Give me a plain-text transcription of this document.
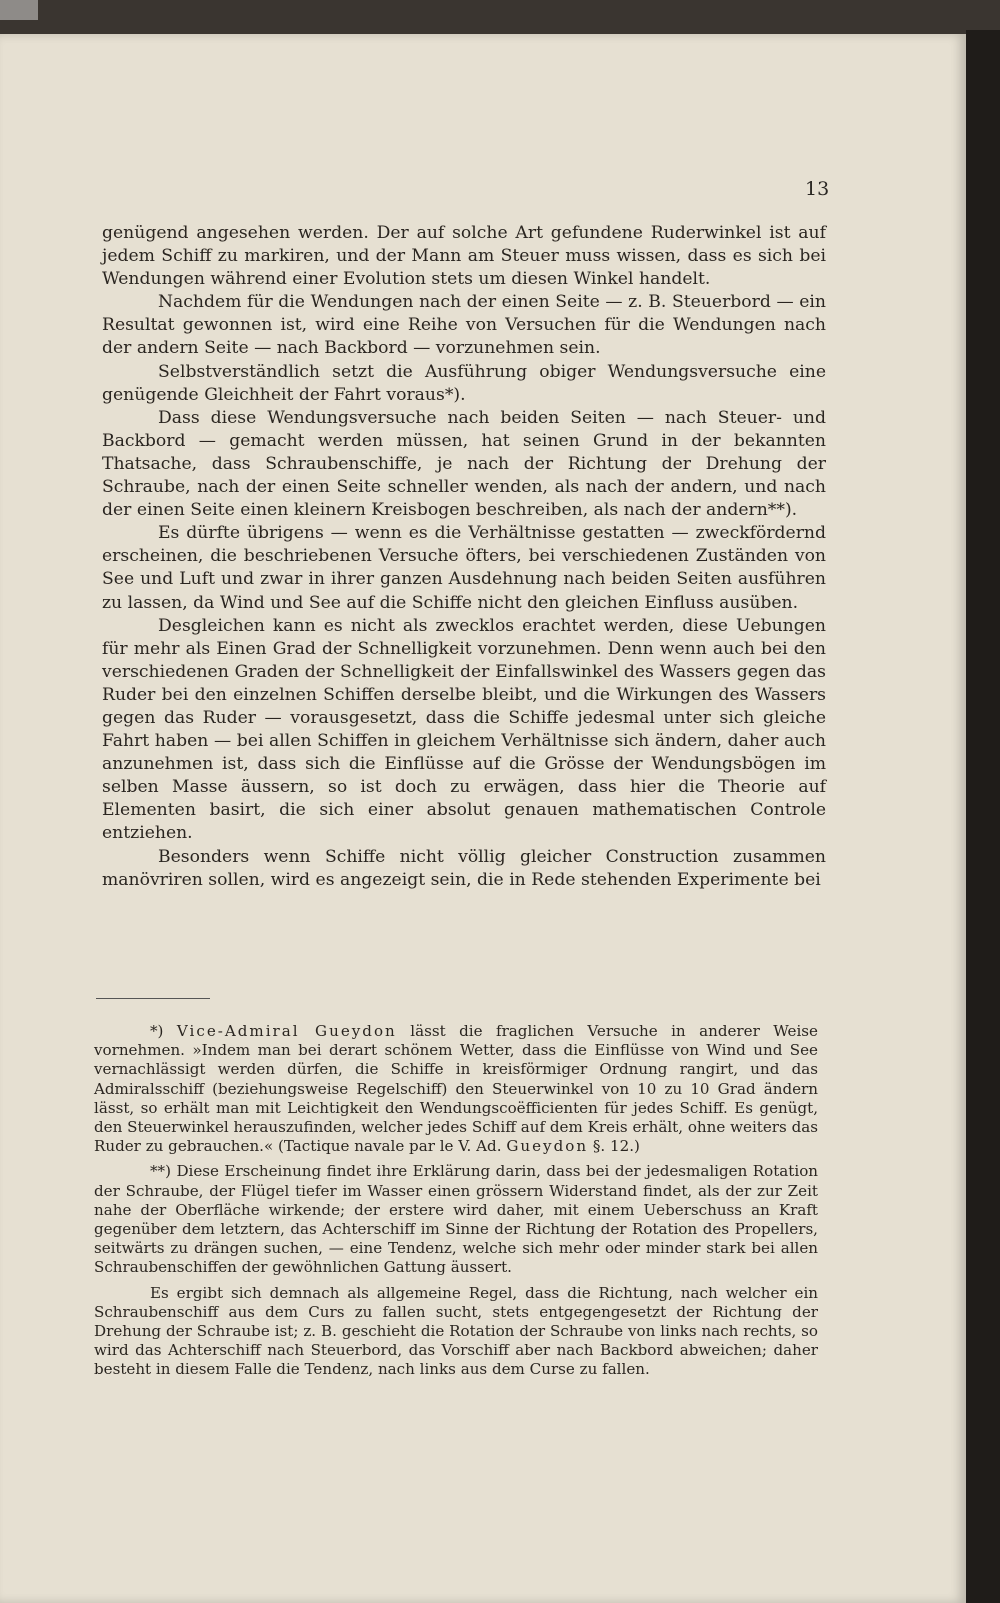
13

genügend angesehen werden. Der auf solche Art gefundene Ruderwinkel ist auf jedem Schiff zu markiren, und der Mann am Steuer muss wissen, dass es sich bei Wendungen während einer Evolution stets um diesen Winkel handelt.

Nachdem für die Wendungen nach der einen Seite — z. B. Steuerbord — ein Resultat gewonnen ist, wird eine Reihe von Versuchen für die Wendungen nach der andern Seite — nach Backbord — vorzunehmen sein.

Selbstverständlich setzt die Ausführung obiger Wendungsversuche eine genügende Gleichheit der Fahrt voraus*).

Dass diese Wendungsversuche nach beiden Seiten — nach Steuer- und Backbord — gemacht werden müssen, hat seinen Grund in der bekannten Thatsache, dass Schraubenschiffe, je nach der Richtung der Drehung der Schraube, nach der einen Seite schneller wenden, als nach der andern, und nach der einen Seite einen kleinern Kreisbogen beschreiben, als nach der andern**).

Es dürfte übrigens — wenn es die Verhältnisse gestatten — zweckfördernd erscheinen, die beschriebenen Versuche öfters, bei verschiedenen Zuständen von See und Luft und zwar in ihrer ganzen Ausdehnung nach beiden Seiten ausführen zu lassen, da Wind und See auf die Schiffe nicht den gleichen Einfluss ausüben.

Desgleichen kann es nicht als zwecklos erachtet werden, diese Uebungen für mehr als Einen Grad der Schnelligkeit vorzunehmen. Denn wenn auch bei den verschiedenen Graden der Schnelligkeit der Einfallswinkel des Wassers gegen das Ruder bei den einzelnen Schiffen derselbe bleibt, und die Wirkungen des Wassers gegen das Ruder — vorausgesetzt, dass die Schiffe jedesmal unter sich gleiche Fahrt haben — bei allen Schiffen in gleichem Verhältnisse sich ändern, daher auch anzunehmen ist, dass sich die Einflüsse auf die Grösse der Wendungsbögen im selben Masse äussern, so ist doch zu erwägen, dass hier die Theorie auf Elementen basirt, die sich einer absolut genauen mathematischen Controle entziehen.

Besonders wenn Schiffe nicht völlig gleicher Construction zusammen manövriren sollen, wird es angezeigt sein, die in Rede stehenden Experimente bei

*) Vice-Admiral Gueydon lässt die fraglichen Versuche in anderer Weise vornehmen. »Indem man bei derart schönem Wetter, dass die Einflüsse von Wind und See vernachlässigt werden dürfen, die Schiffe in kreisförmiger Ordnung rangirt, und das Admiralsschiff (beziehungsweise Regelschiff) den Steuerwinkel von 10 zu 10 Grad ändern lässt, so erhält man mit Leichtigkeit den Wendungscoëfficienten für jedes Schiff. Es genügt, den Steuerwinkel herauszufinden, welcher jedes Schiff auf dem Kreis erhält, ohne weiters das Ruder zu gebrauchen.« (Tactique navale par le V. Ad. Gueydon §. 12.)

**) Diese Erscheinung findet ihre Erklärung darin, dass bei der jedesmaligen Rotation der Schraube, der Flügel tiefer im Wasser einen grössern Widerstand findet, als der zur Zeit nahe der Oberfläche wirkende; der erstere wird daher, mit einem Ueberschuss an Kraft gegenüber dem letztern, das Achterschiff im Sinne der Richtung der Rotation des Propellers, seitwärts zu drängen suchen, — eine Tendenz, welche sich mehr oder minder stark bei allen Schraubenschiffen der gewöhnlichen Gattung äussert.

Es ergibt sich demnach als allgemeine Regel, dass die Richtung, nach welcher ein Schraubenschiff aus dem Curs zu fallen sucht, stets entgegengesetzt der Richtung der Drehung der Schraube ist; z. B. geschieht die Rotation der Schraube von links nach rechts, so wird das Achterschiff nach Steuerbord, das Vorschiff aber nach Backbord abweichen; daher besteht in diesem Falle die Tendenz, nach links aus dem Curse zu fallen.
